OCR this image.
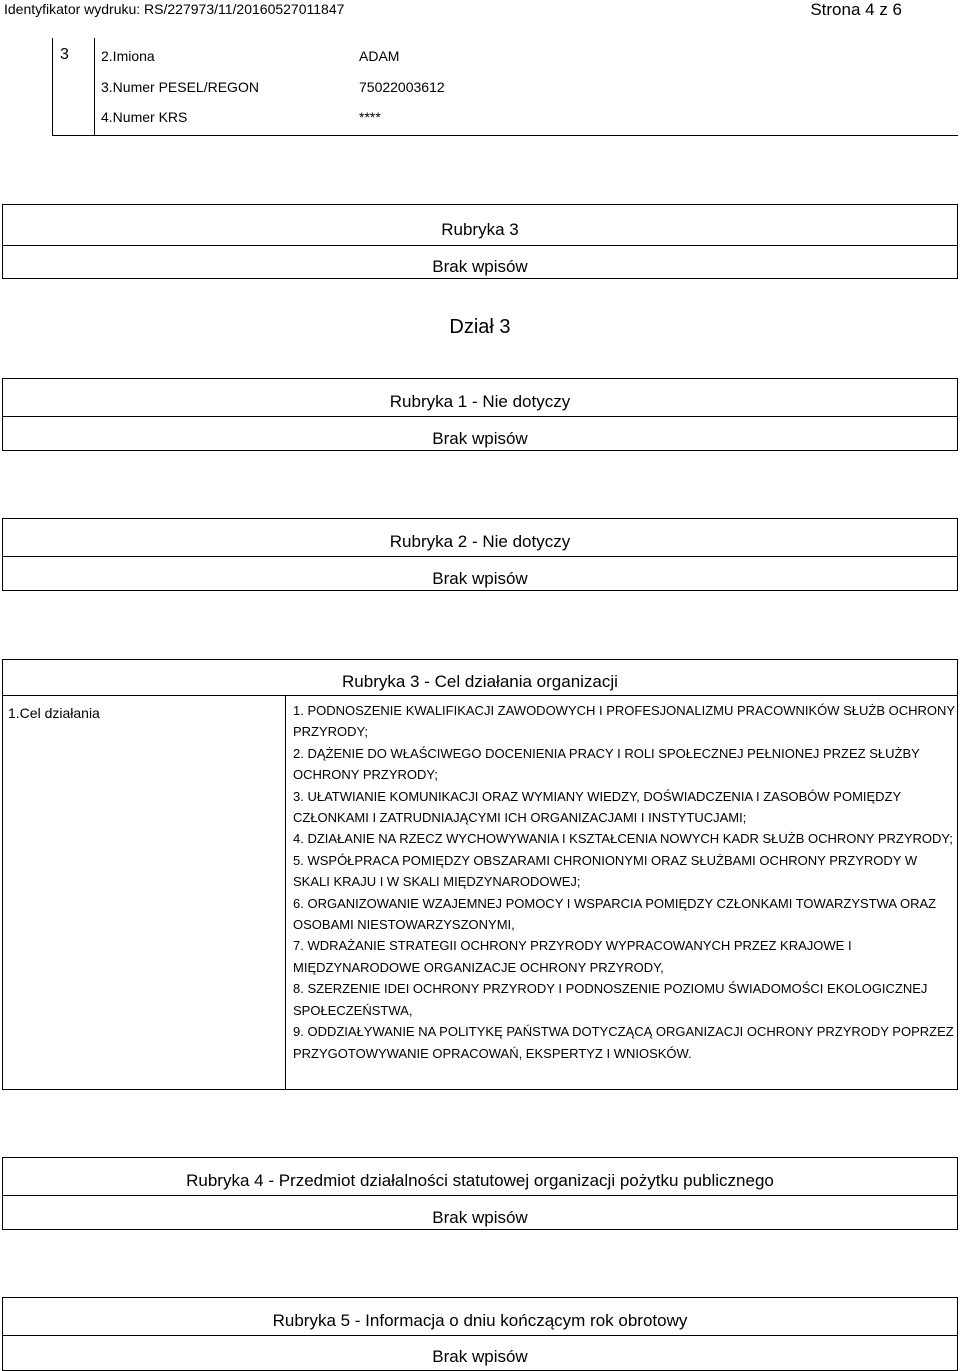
Identyfikator wydruku: RS/227973/11/20160527011847	Strona 4 z 6
3 2.Imiona	ADAM
3.Numer PESEL/REGON	75022003612
4.Numer KRS	****
Rubryka 3
Brak wpisów
Dział 3
Rubryka 1 - Nie dotyczy
Brak wpisów
Rubryka 2 - Nie dotyczy
Brak wpisów
Rubryka 3 - Cel działania organizacji
1.Cel działania	1. PODNOSZENIE KWALIFIKACJI ZAWODOWYCH I PROFESJONALIZMU PRACOWNIKÓW SŁUŻB OCHRONY PRZYRODY;
2. DĄŻENIE DO WŁAŚCIWEGO DOCENIENIA PRACY I ROLI SPOŁECZNEJ PEŁNIONEJ PRZEZ SŁUŻBY OCHRONY PRZYRODY;
3. UŁATWIANIE KOMUNIKACJI ORAZ WYMIANY WIEDZY, DOŚWIADCZENIA I ZASOBÓW POMIĘDZY CZŁONKAMI I ZATRUDNIAJĄCYMI ICH ORGANIZACJAMI I INSTYTUCJAMI;
4. DZIAŁANIE NA RZECZ WYCHOWYWANIA I KSZTAŁCENIA NOWYCH KADR SŁUŻB OCHRONY PRZYRODY;
5. WSPÓŁPRACA POMIĘDZY OBSZARAMI CHRONIONYMI ORAZ SŁUŻBAMI OCHRONY PRZYRODY W SKALI KRAJU I W SKALI MIĘDZYNARODOWEJ;
6. ORGANIZOWANIE WZAJEMNEJ POMOCY I WSPARCIA POMIĘDZY CZŁONKAMI TOWARZYSTWA ORAZ OSOBAMI NIESTOWARZYSZONYMI,
7. WDRAŻANIE STRATEGII OCHRONY PRZYRODY WYPRACOWANYCH PRZEZ KRAJOWE I MIĘDZYNARODOWE ORGANIZACJE OCHRONY PRZYRODY,
8. SZERZENIE IDEI OCHRONY PRZYRODY I PODNOSZENIE POZIOMU ŚWIADOMOŚCI EKOLOGICZNEJ SPOŁECZEŃSTWA,
9. ODDZIAŁYWANIE NA POLITYKĘ PAŃSTWA DOTYCZĄCĄ ORGANIZACJI OCHRONY PRZYRODY POPRZEZ PRZYGOTOWYWANIE OPRACOWAŃ, EKSPERTYZ I WNIOSKÓW.
Rubryka 4 - Przedmiot działalności statutowej organizacji pożytku publicznego
Brak wpisów
Rubryka 5 - Informacja o dniu kończącym rok obrotowy
Brak wpisów
